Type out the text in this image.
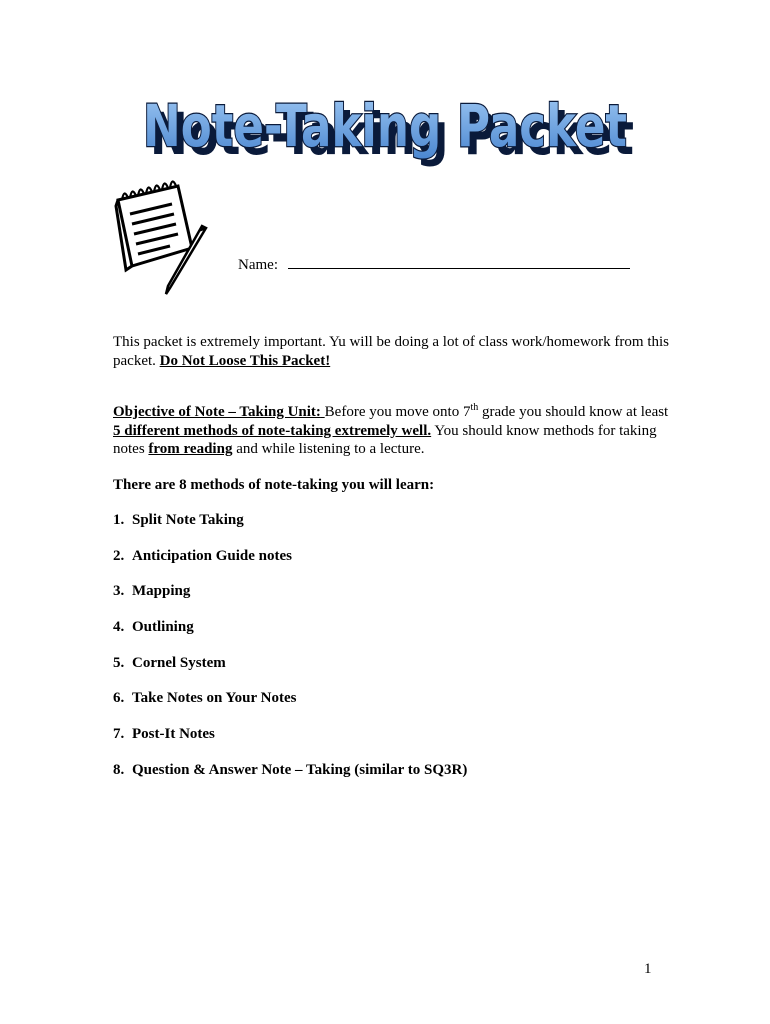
Note-Taking Packet
Note-Taking Packet
Name:
This packet is extremely important. Yu will be doing a lot of class work/homework from this packet. Do Not Loose This Packet!
Objective of Note – Taking Unit: Before you move onto 7th grade you should know at least 5 different methods of note-taking extremely well. You should know methods for taking notes from reading and while listening to a lecture.
There are 8 methods of note-taking you will learn:
1. Split Note Taking
2. Anticipation Guide notes
3. Mapping
4. Outlining
5. Cornel System
6. Take Notes on Your Notes
7. Post-It Notes
8. Question & Answer Note – Taking (similar to SQ3R)
1
